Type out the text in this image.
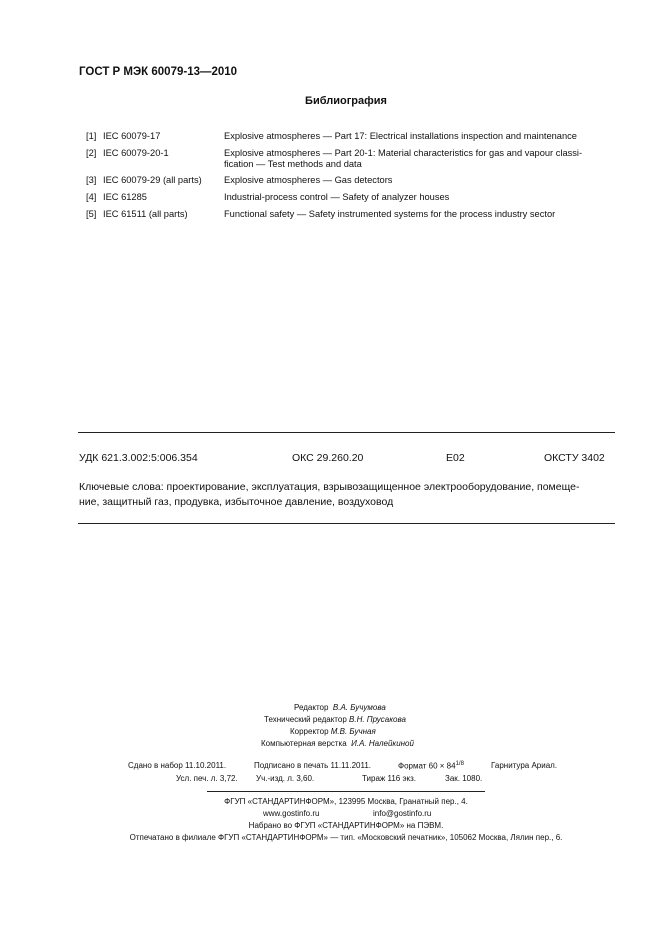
ГОСТ Р МЭК 60079-13—2010
Библиография
[1] IEC 60079-17	Explosive atmospheres — Part 17: Electrical installations inspection and maintenance
[2] IEC 60079-20-1	Explosive atmospheres — Part 20-1: Material characteristics for gas and vapour classi-
fication — Test methods and data
[3] IEC 60079-29 (all parts) Explosive atmospheres — Gas detectors
[4] IEC 61285	Industrial-process control — Safety of analyzer houses
[5] IEC 61511 (all parts)	Functional safety — Safety instrumented systems for the process industry sector
УДК 621.3.002:5:006.354	ОКС 29.260.20	Е02	ОКСТУ 3402
Ключевые слова: проектирование, эксплуатация, взрывозащищенное электрооборудование, помеще-
ние, защитный газ, продувка, избыточное давление, воздуховод
Редактор В.А. Бучумова
Технический редактор В.Н. Прусакова
Корректор М.В. Бучная
Компьютерная верстка И.А. Налейкиной
Сдано в набор 11.10.2011.	Подписано в печать 11.11.2011.	Формат $60 \times 84^{1/8}$	Гарнитура Ариал.
Усл. печ. л. 3,72. Уч.-изд. л. 3,60.	Тираж 116 экз.	Зак. 1080.
ФГУП «СТАНДАРТИНФОРМ», 123995 Москва, Гранатный пер., 4.
www.gostinfo.ru	info@gostinfo.ru
Набрано во ФГУП «СТАНДАРТИНФОРМ» на ПЭВМ.
Отпечатано в филиале ФГУП «СТАНДАРТИНФОРМ» — тип. «Московский печатник», 105062 Москва, Лялин пер., 6.
